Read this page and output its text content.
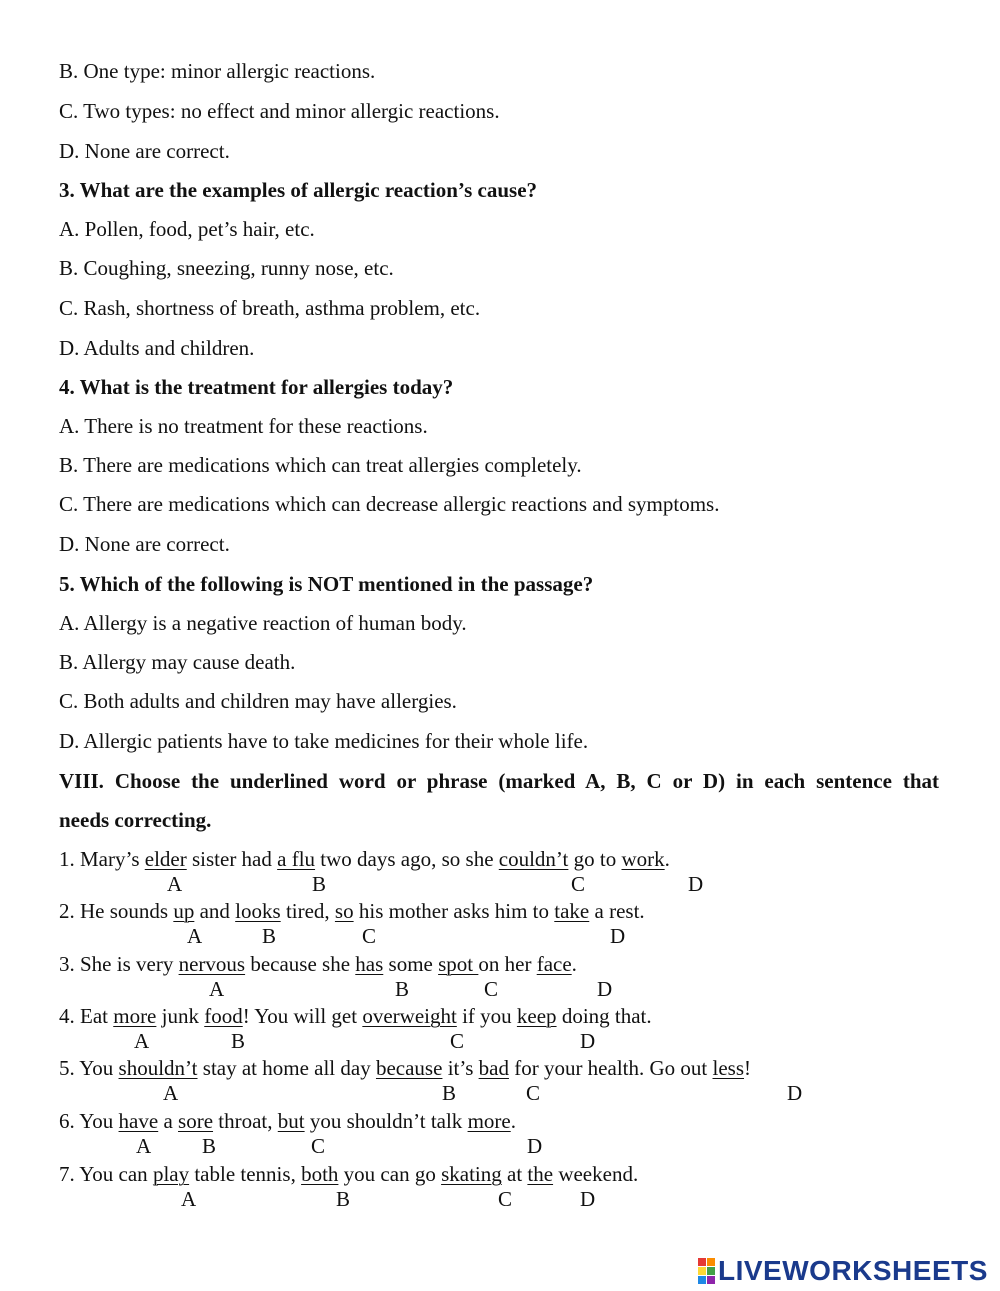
B. One type: minor allergic reactions.
C. Two types: no effect and minor allergic reactions.
D. None are correct.
3. What are the examples of allergic reaction’s cause?
A. Pollen, food, pet’s hair, etc.
B. Coughing, sneezing, runny nose, etc.
C. Rash, shortness of breath, asthma problem, etc.
D. Adults and children.
4. What is the treatment for allergies today?
A. There is no treatment for these reactions.
B. There are medications which can treat allergies completely.
C. There are medications which can decrease allergic reactions and symptoms.
D. None are correct.
5. Which of the following is NOT mentioned in the passage?
A. Allergy is a negative reaction of human body.
B. Allergy may cause death.
C. Both adults and children may have allergies.
D. Allergic patients have to take medicines for their whole life.
VIII. Choose the underlined word or phrase (marked A, B, C or D) in each sentence that
needs correcting.
1. Mary’s elder sister had a flu two days ago, so she couldn’t go to work.
A	B	C	D
2. He sounds up and looks tired, so his mother asks him to take a rest.
A	B	C	D
3. She is very nervous because she has some spot on her face.
A	B	C	D
4. Eat more junk food! You will get overweight if you keep doing that.
A	B	C	D
5. You shouldn’t stay at home all day because it’s bad for your health. Go out less!
A	B	C	D
6. You have a sore throat, but you shouldn’t talk more.
A B	C	D
7. You can play table tennis, both you can go skating at the weekend.
A	B	C	D
LIVEWORKSHEETS
